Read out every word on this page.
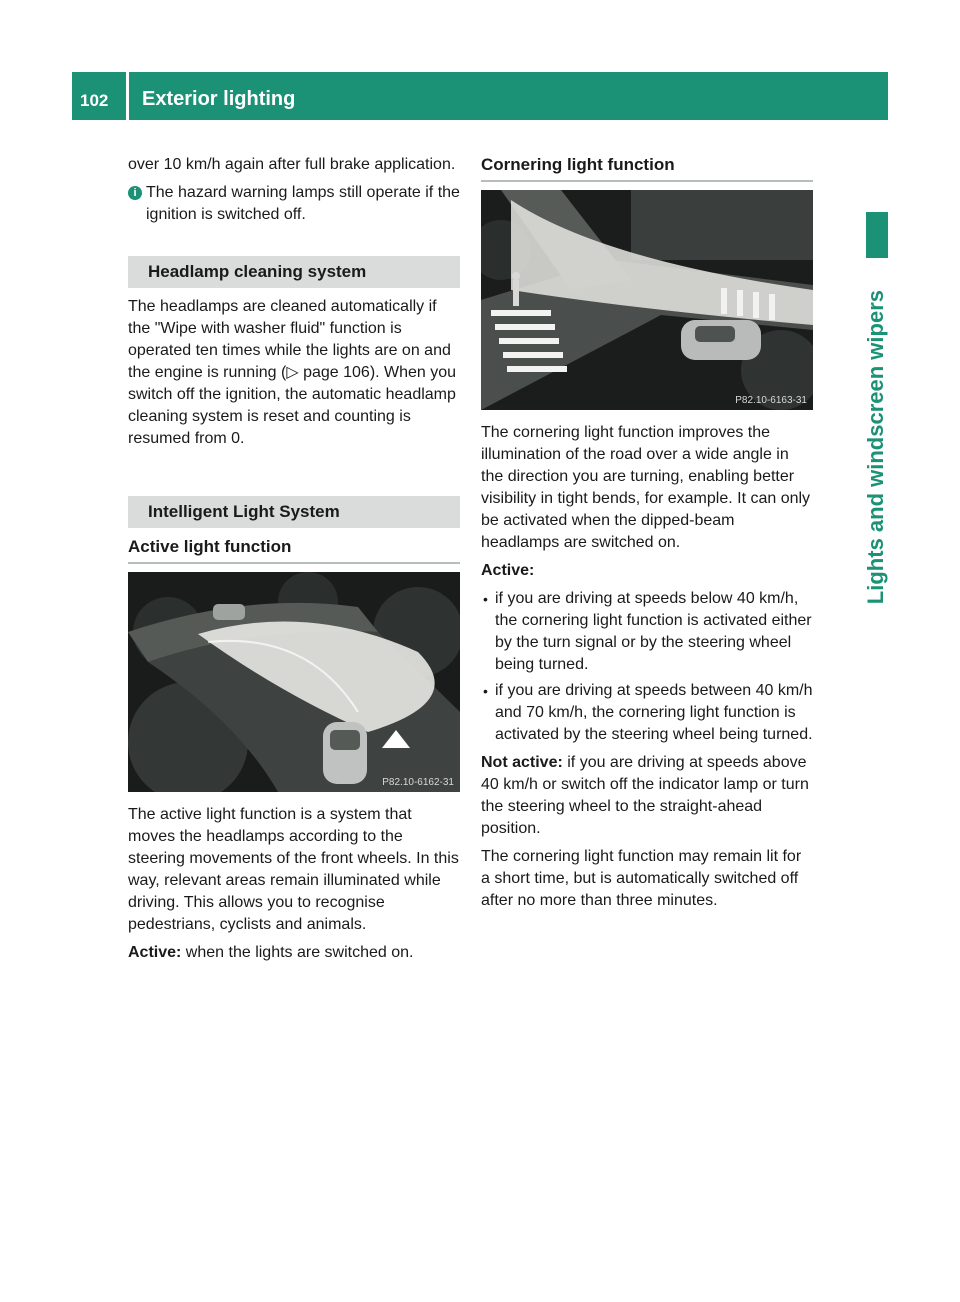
102 Exterior lighting
Lights and windscreen wipers

over 10 km/h again after full brake application.

i The hazard warning lamps still operate if the ignition is switched off.
Headlamp cleaning system

The headlamps are cleaned automatically if the "Wipe with washer fluid" function is operated ten times while the lights are on and the engine is running (▷ page 106). When you switch off the ignition, the automatic headlamp cleaning system is reset and counting is resumed from 0.

Intelligent Light System
Active light function
P82.10-6162-31

The active light function is a system that moves the headlamps according to the steering movements of the front wheels. In this way, relevant areas remain illuminated while driving. This allows you to recognise pedestrians, cyclists and animals.

Active: when the lights are switched on.

Cornering light function
P82.10-6163-31

The cornering light function improves the illumination of the road over a wide angle in the direction you are turning, enabling better visibility in tight bends, for example. It can only be activated when the dipped-beam headlamps are switched on.

Active:

• if you are driving at speeds below 40 km/h, the cornering light function is activated either by the turn signal or by the steering wheel being turned.
• if you are driving at speeds between 40 km/h and 70 km/h, the cornering light function is activated by the steering wheel being turned.

Not active: if you are driving at speeds above 40 km/h or switch off the indicator lamp or turn the steering wheel to the straight-ahead position.

The cornering light function may remain lit for a short time, but is automatically switched off after no more than three minutes.
